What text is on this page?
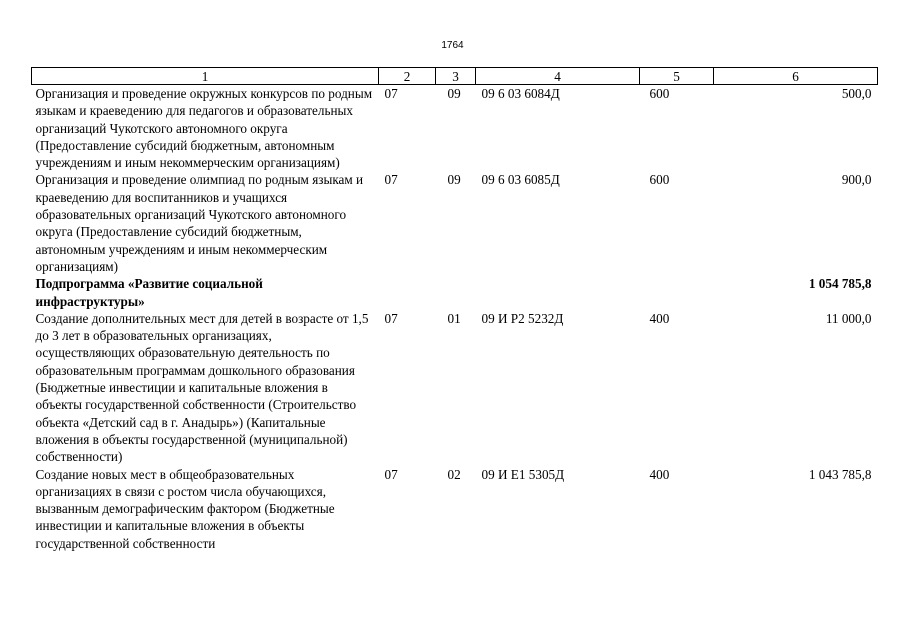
1764
1	2	3	4	5	6
Организация и проведение окружных конкурсов по родным языкам и краеведению для педагогов и образовательных организаций Чукотского автономного округа (Предоставление субсидий бюджетным, автономным учреждениям и иным некоммерческим организациям)	07	09	09 6 03 6084Д	600	500,0
Организация и проведение олимпиад по родным языкам и краеведению для воспитанников и учащихся образовательных организаций Чукотского автономного округа (Предоставление субсидий бюджетным, автономным учреждениям и иным некоммерческим организациям)	07	09	09 6 03 6085Д	600	900,0
Подпрограмма «Развитие социальной инфраструктуры»					1 054 785,8
Создание дополнительных мест для детей в возрасте от 1,5 до 3 лет в образовательных организациях, осуществляющих образовательную деятельность по образовательным программам дошкольного образования (Бюджетные инвестиции и капитальные вложения в объекты государственной собственности (Строительство объекта «Детский сад в г. Анадырь») (Капитальные вложения в объекты государственной (муниципальной) собственности)	07	01	09 И Р2 5232Д	400	11 000,0
Создание новых мест в общеобразовательных организациях в связи с ростом числа обучающихся, вызванным демографическим фактором (Бюджетные инвестиции и капитальные вложения в объекты государственной собственности	07	02	09 И Е1 5305Д	400	1 043 785,8
